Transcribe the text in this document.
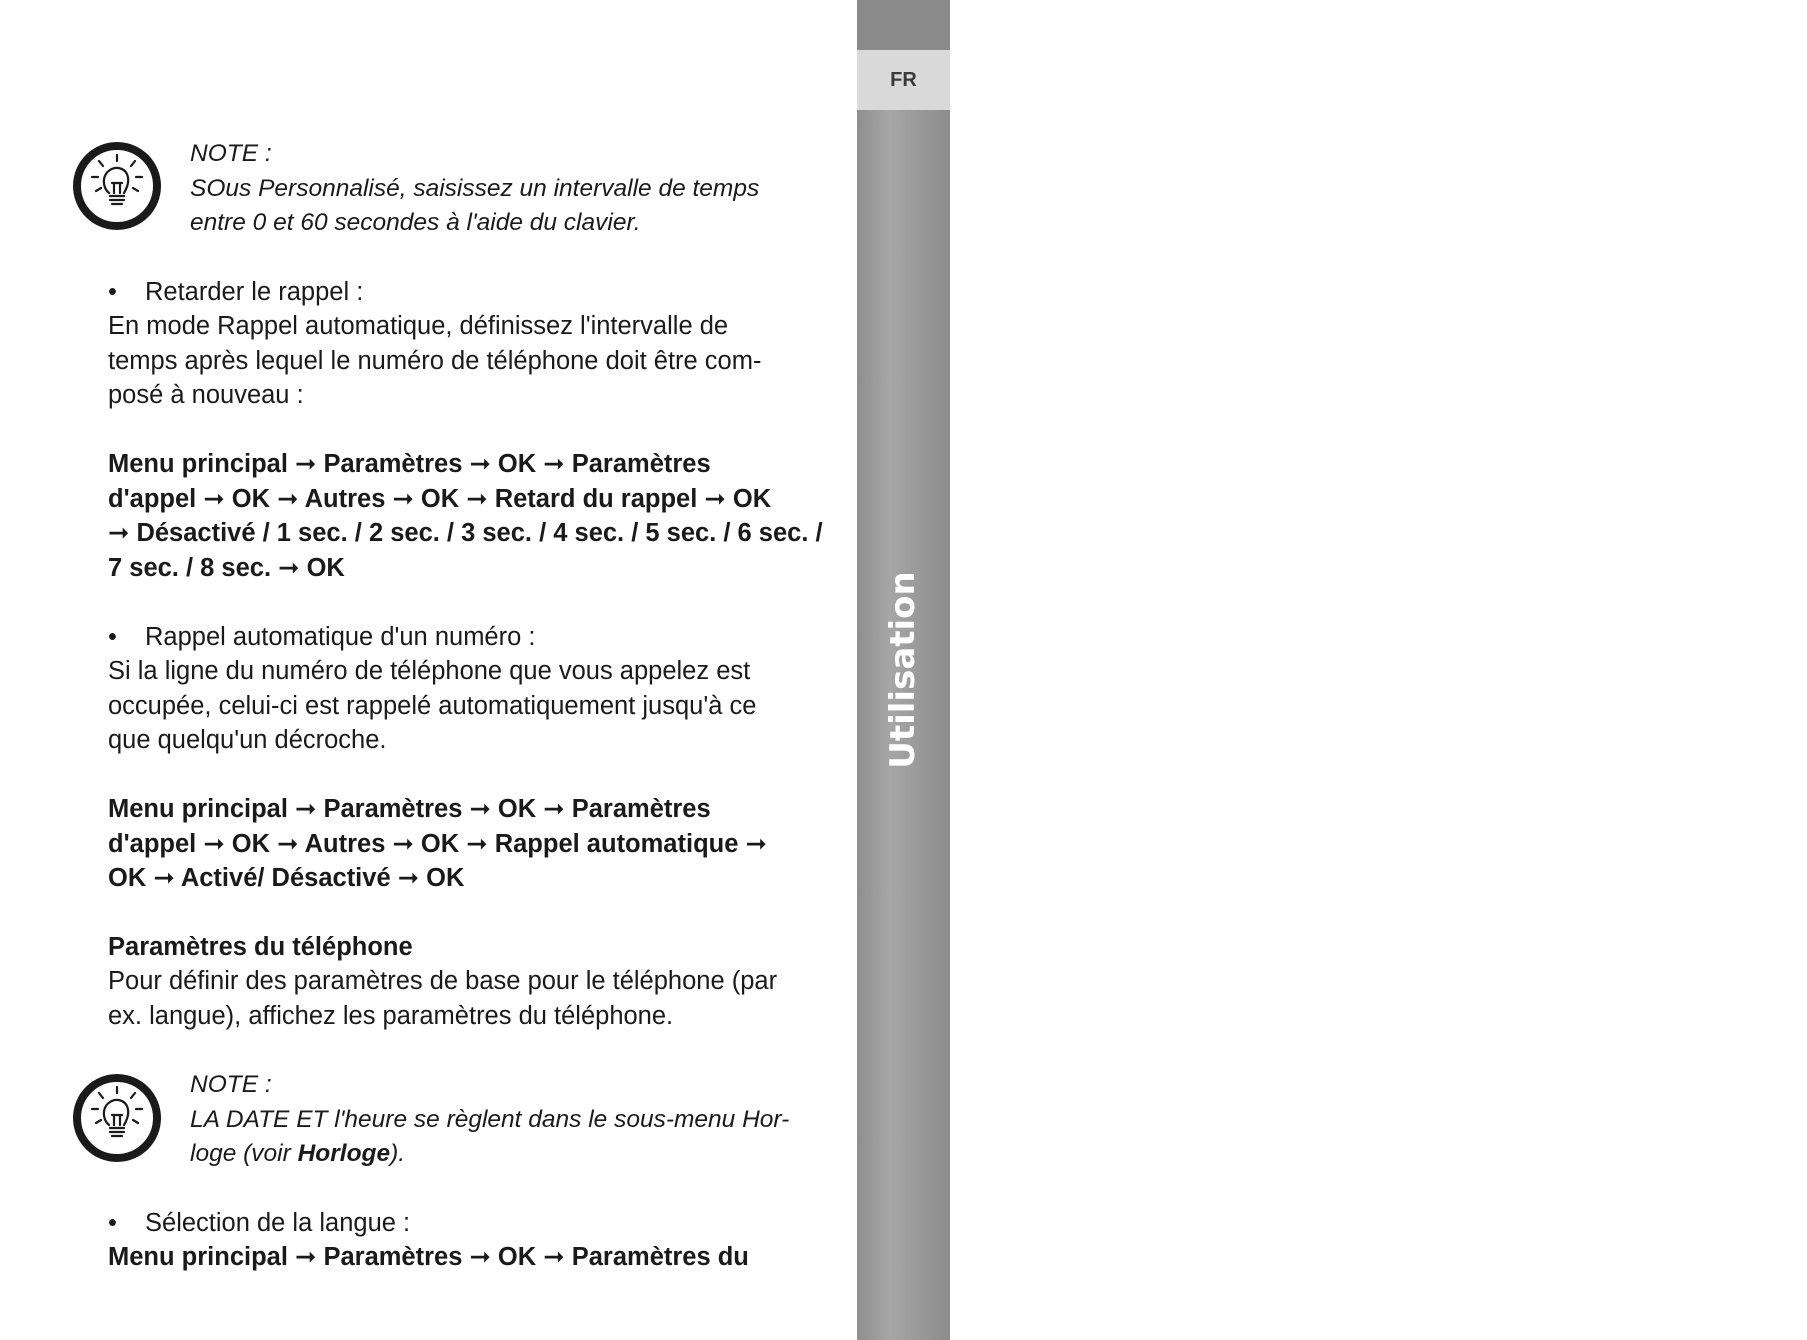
FR
27
Utilisation
NOTE :
SOus Personnalisé, saisissez un intervalle de temps
entre 0 et 60 secondes à l'aide du clavier.
• Retarder le rappel :
En mode Rappel automatique, définissez l'intervalle de
temps après lequel le numéro de téléphone doit être com-
posé à nouveau :
Menu principal ➞ Paramètres ➞ OK ➞ Paramètres
d'appel ➞ OK ➞ Autres ➞ OK ➞ Retard du rappel ➞ OK
➞ Désactivé / 1 sec. / 2 sec. / 3 sec. / 4 sec. / 5 sec. / 6 sec. /
7 sec. / 8 sec. ➞ OK
• Rappel automatique d'un numéro :
Si la ligne du numéro de téléphone que vous appelez est
occupée, celui-ci est rappelé automatiquement jusqu'à ce
que quelqu'un décroche.
Menu principal ➞ Paramètres ➞ OK ➞ Paramètres
d'appel ➞ OK ➞ Autres ➞ OK ➞ Rappel automatique ➞
OK ➞ Activé/ Désactivé ➞ OK
Paramètres du téléphone
Pour définir des paramètres de base pour le téléphone (par
ex. langue), affichez les paramètres du téléphone.
NOTE :
LA DATE ET l'heure se règlent dans le sous-menu Hor-
loge (voir Horloge).
• Sélection de la langue :
Menu principal ➞ Paramètres ➞ OK ➞ Paramètres du
